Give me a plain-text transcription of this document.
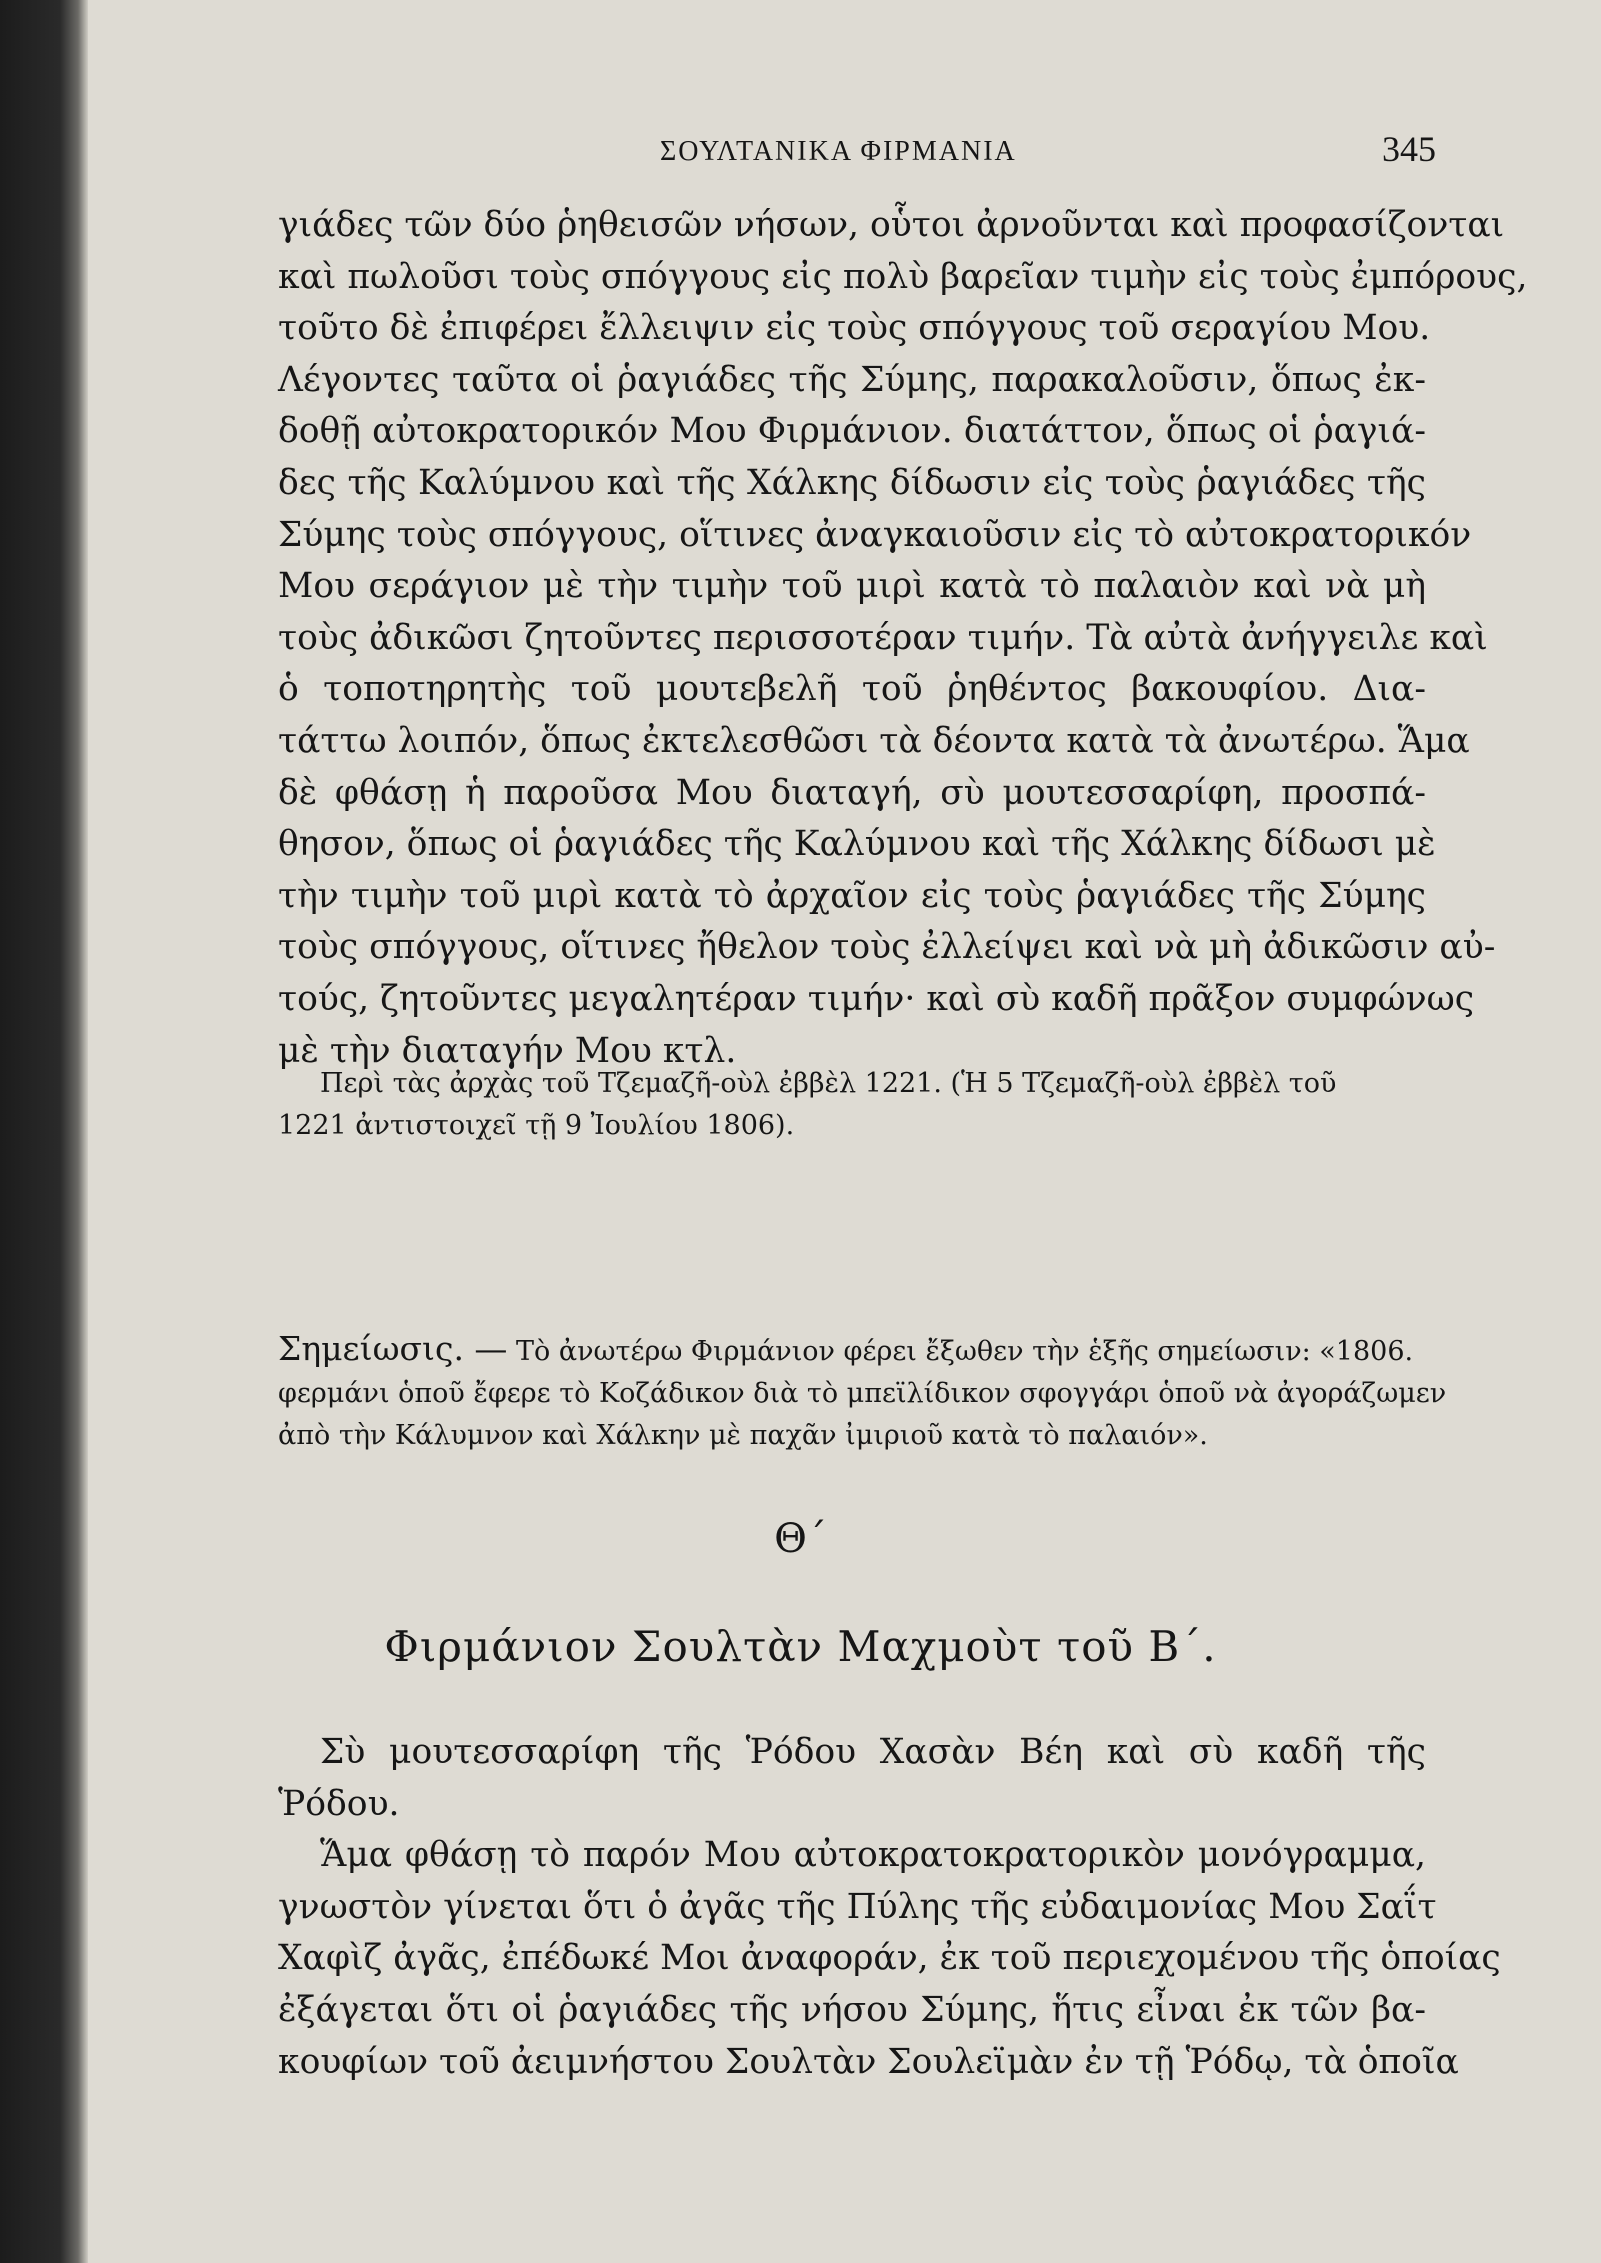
ΣΟΥΛΤΑΝΙΚΑ ΦΙΡΜΑΝΙΑ	345
γιάδες τῶν δύο ῥηθεισῶν νήσων, οὗτοι ἀρνοῦνται καὶ προφασίζονται
καὶ πωλοῦσι τοὺς σπόγγους εἰς πολὺ βαρεῖαν τιμὴν εἰς τοὺς ἐμπόρους,
τοῦτο δὲ ἐπιφέρει ἔλλειψιν εἰς τοὺς σπόγγους τοῦ σεραγίου Μου.
Λέγοντες ταῦτα οἱ ῥαγιάδες τῆς Σύμης, παρακαλοῦσιν, ὅπως ἐκ-
δοθῇ αὐτοκρατορικόν Μου Φιρμάνιον. διατάττον, ὅπως οἱ ῥαγιά-
δες τῆς Καλύμνου καὶ τῆς Χάλκης δίδωσιν εἰς τοὺς ῥαγιάδες τῆς
Σύμης τοὺς σπόγγους, οἵτινες ἀναγκαιοῦσιν εἰς τὸ αὐτοκρατορικόν
Μου σεράγιον μὲ τὴν τιμὴν τοῦ μιρὶ κατὰ τὸ παλαιὸν καὶ νὰ μὴ
τοὺς ἀδικῶσι ζητοῦντες περισσοτέραν τιμήν. Τὰ αὐτὰ ἀνήγγειλε καὶ
ὁ τοποτηρητὴς τοῦ μουτεβελῆ τοῦ ῥηθέντος βακουφίου. Δια-
τάττω λοιπόν, ὅπως ἐκτελεσθῶσι τὰ δέοντα κατὰ τὰ ἀνωτέρω. Ἅμα
δὲ φθάσῃ ἡ παροῦσα Μου διαταγή, σὺ μουτεσσαρίφη, προσπά-
θησον, ὅπως οἱ ῥαγιάδες τῆς Καλύμνου καὶ τῆς Χάλκης δίδωσι μὲ
τὴν τιμὴν τοῦ μιρὶ κατὰ τὸ ἀρχαῖον εἰς τοὺς ῥαγιάδες τῆς Σύμης
τοὺς σπόγγους, οἵτινες ἤθελον τοὺς ἐλλείψει καὶ νὰ μὴ ἀδικῶσιν αὐ-
τούς, ζητοῦντες μεγαλητέραν τιμήν· καὶ σὺ καδῆ πρᾶξον συμφώνως
μὲ τὴν διαταγήν Μου κτλ.
Περὶ τὰς ἀρχὰς τοῦ Τζεμαζῆ-οὺλ ἐββὲλ 1221. (Ἡ 5 Τζεμαζῆ-οὺλ ἐββὲλ τοῦ
1221 ἀντιστοιχεῖ τῇ 9 Ἰουλίου 1806).
Σημείωσις. — Τὸ ἀνωτέρω Φιρμάνιον φέρει ἔξωθεν τὴν ἑξῆς σημείωσιν: «1806.
φερμάνι ὁποῦ ἔφερε τὸ Κοζάδικον διὰ τὸ μπεϊλίδικον σφογγάρι ὁποῦ νὰ ἀγοράζωμεν
ἀπὸ τὴν Κάλυμνον καὶ Χάλκην μὲ παχᾶν ἰμιριοῦ κατὰ τὸ παλαιόν».
Θ΄
Φιρμάνιον Σουλτὰν Μαχμοὺτ τοῦ Β΄.
Σὺ μουτεσσαρίφη τῆς Ῥόδου Χασὰν Βέη καὶ σὺ καδῆ τῆς
Ῥόδου.
Ἅμα φθάσῃ τὸ παρόν Μου αὐτοκρατοκρατορικὸν μονόγραμμα,
γνωστὸν γίνεται ὅτι ὁ ἀγᾶς τῆς Πύλης τῆς εὐδαιμονίας Μου Σαΐτ
Χαφὶζ ἀγᾶς, ἐπέδωκέ Μοι ἀναφοράν, ἐκ τοῦ περιεχομένου τῆς ὁποίας
ἐξάγεται ὅτι οἱ ῥαγιάδες τῆς νήσου Σύμης, ἥτις εἶναι ἐκ τῶν βα-
κουφίων τοῦ ἀειμνήστου Σουλτὰν Σουλεϊμὰν ἐν τῇ Ῥόδῳ, τὰ ὁποῖα
